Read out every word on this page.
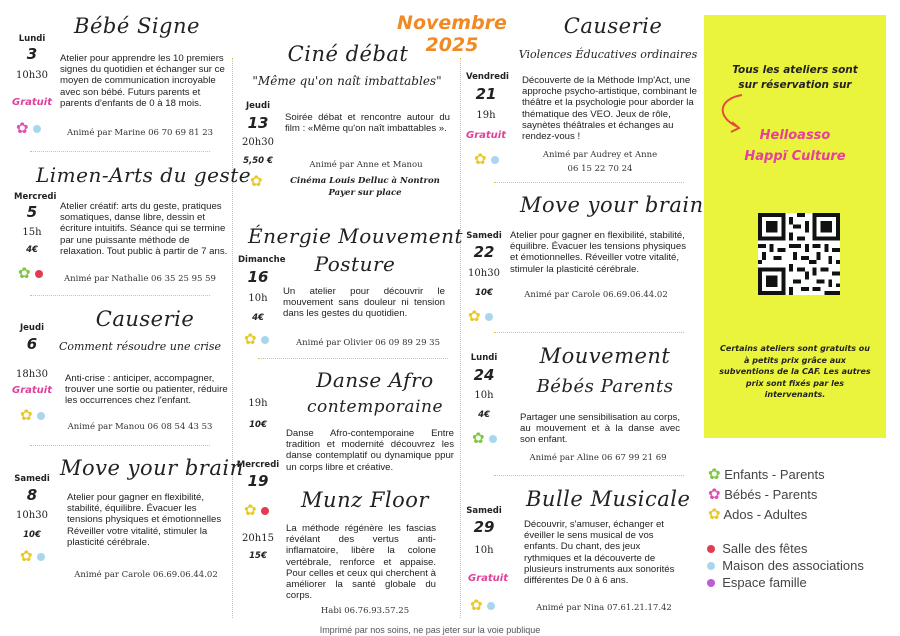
Novembre 2025
Bébé Signe
Lundi
3
10h30
Gratuit
✿
Atelier pour apprendre les 10 premiers signes du quotidien et échanger sur ce moyen de communication incroyable avec son bébé. Futurs parents et parents d'enfants de 0 à 18 mois.
Animé par Marine 06 70 69 81 23
Limen-Arts du geste
Mercredi
5
15h
4€
✿
Atelier créatif: arts du geste, pratiques somatiques, danse libre, dessin et écriture intuitifs. Séance qui se termine par une puissante méthode de relaxation. Tout public à partir de 7 ans.
Animé par Nathalie 06 35 25 95 59
Causerie
Comment résoudre une crise
Jeudi
6
18h30
Gratuit
✿
Anti-crise : anticiper, accompagner, trouver une sortie ou patienter, réduire les occurrences chez l'enfant.
Animé par Manou 06 08 54 43 53
Move your brain
Samedi
8
10h30
10€
✿
Atelier pour gagner en flexibilité, stabilité, équilibre. Évacuer les tensions physiques et émotionnelles Réveiller votre vitalité, stimuler la plasticité cérébrale.
Animé par Carole 06.69.06.44.02
Ciné débat
"Même qu'on naît imbattables"
Jeudi
13
20h30
5,50 €
✿
Soirée débat et rencontre autour du film : «Même qu'on naît imbattables ».
Animé par Anne et Manou
Cinéma Louis Delluc à Nontron
Payer sur place
Énergie Mouvement
Posture
Dimanche
16
10h
4€
✿
Un atelier pour découvrir le mouvement sans douleur ni tension dans les gestes du quotidien.
Animé par Olivier 06 09 89 29 35
Danse Afro
contemporaine
19h
10€
Danse Afro-contemporaine Entre tradition et modernité découvrez les danse contemplatif ou dynamique ppur un corps libre et créative.
Munz Floor
Mercredi
19
✿
20h15
15€
La méthode régénère les fascias révélant des vertus anti-inflamatoire, libère la colone vertébrale, renforce et appaise. Pour celles et ceux qui cherchent à améliorer la santé globale du corps.
Habi 06.76.93.57.25
Causerie
Violences Éducatives ordinaires
Vendredi
21
19h
Gratuit
✿
Découverte de la Méthode Imp'Act, une approche psycho-artistique, combinant le théâtre et la psychologie pour aborder la thématique des VEO. Jeux de rôle, saynètes théâtrales et échanges au rendez-vous !
Animé par Audrey et Anne
06 15 22 70 24
Move your brain
Samedi
22
10h30
10€
✿
Atelier pour gagner en flexibilité, stabilité, équilibre. Évacuer les tensions physiques et émotionnelles. Réveiller votre vitalité, stimuler la plasticité cérébrale.
Animé par Carole 06.69.06.44.02
Mouvement
Bébés Parents
Lundi
24
10h
4€
✿
Partager une sensibilisation au corps, au mouvement et à la danse avec son enfant.
Animé par Aline 06 67 99 21 69
Bulle Musicale
Samedi
29
10h
Gratuit
✿
Découvrir, s'amuser, échanger et éveiller le sens musical de vos enfants. Du chant, des jeux rythmiques et la découverte de plusieurs instruments aux sonorités différentes De 0 à 6 ans.
Animé par Nina 07.61.21.17.42
Tous les ateliers sont
sur réservation sur
Helloasso
Happï Culture
Certains ateliers sont gratuits ou à petits prix grâce aux subventions de la CAF. Les autres prix sont fixés par les intervenants.
✿ Enfants - Parents
✿ Bébés - Parents
✿ Ados - Adultes
Salle des fêtes
Maison des associations
Espace famille
Imprimé par nos soins, ne pas jeter sur la voie publique
